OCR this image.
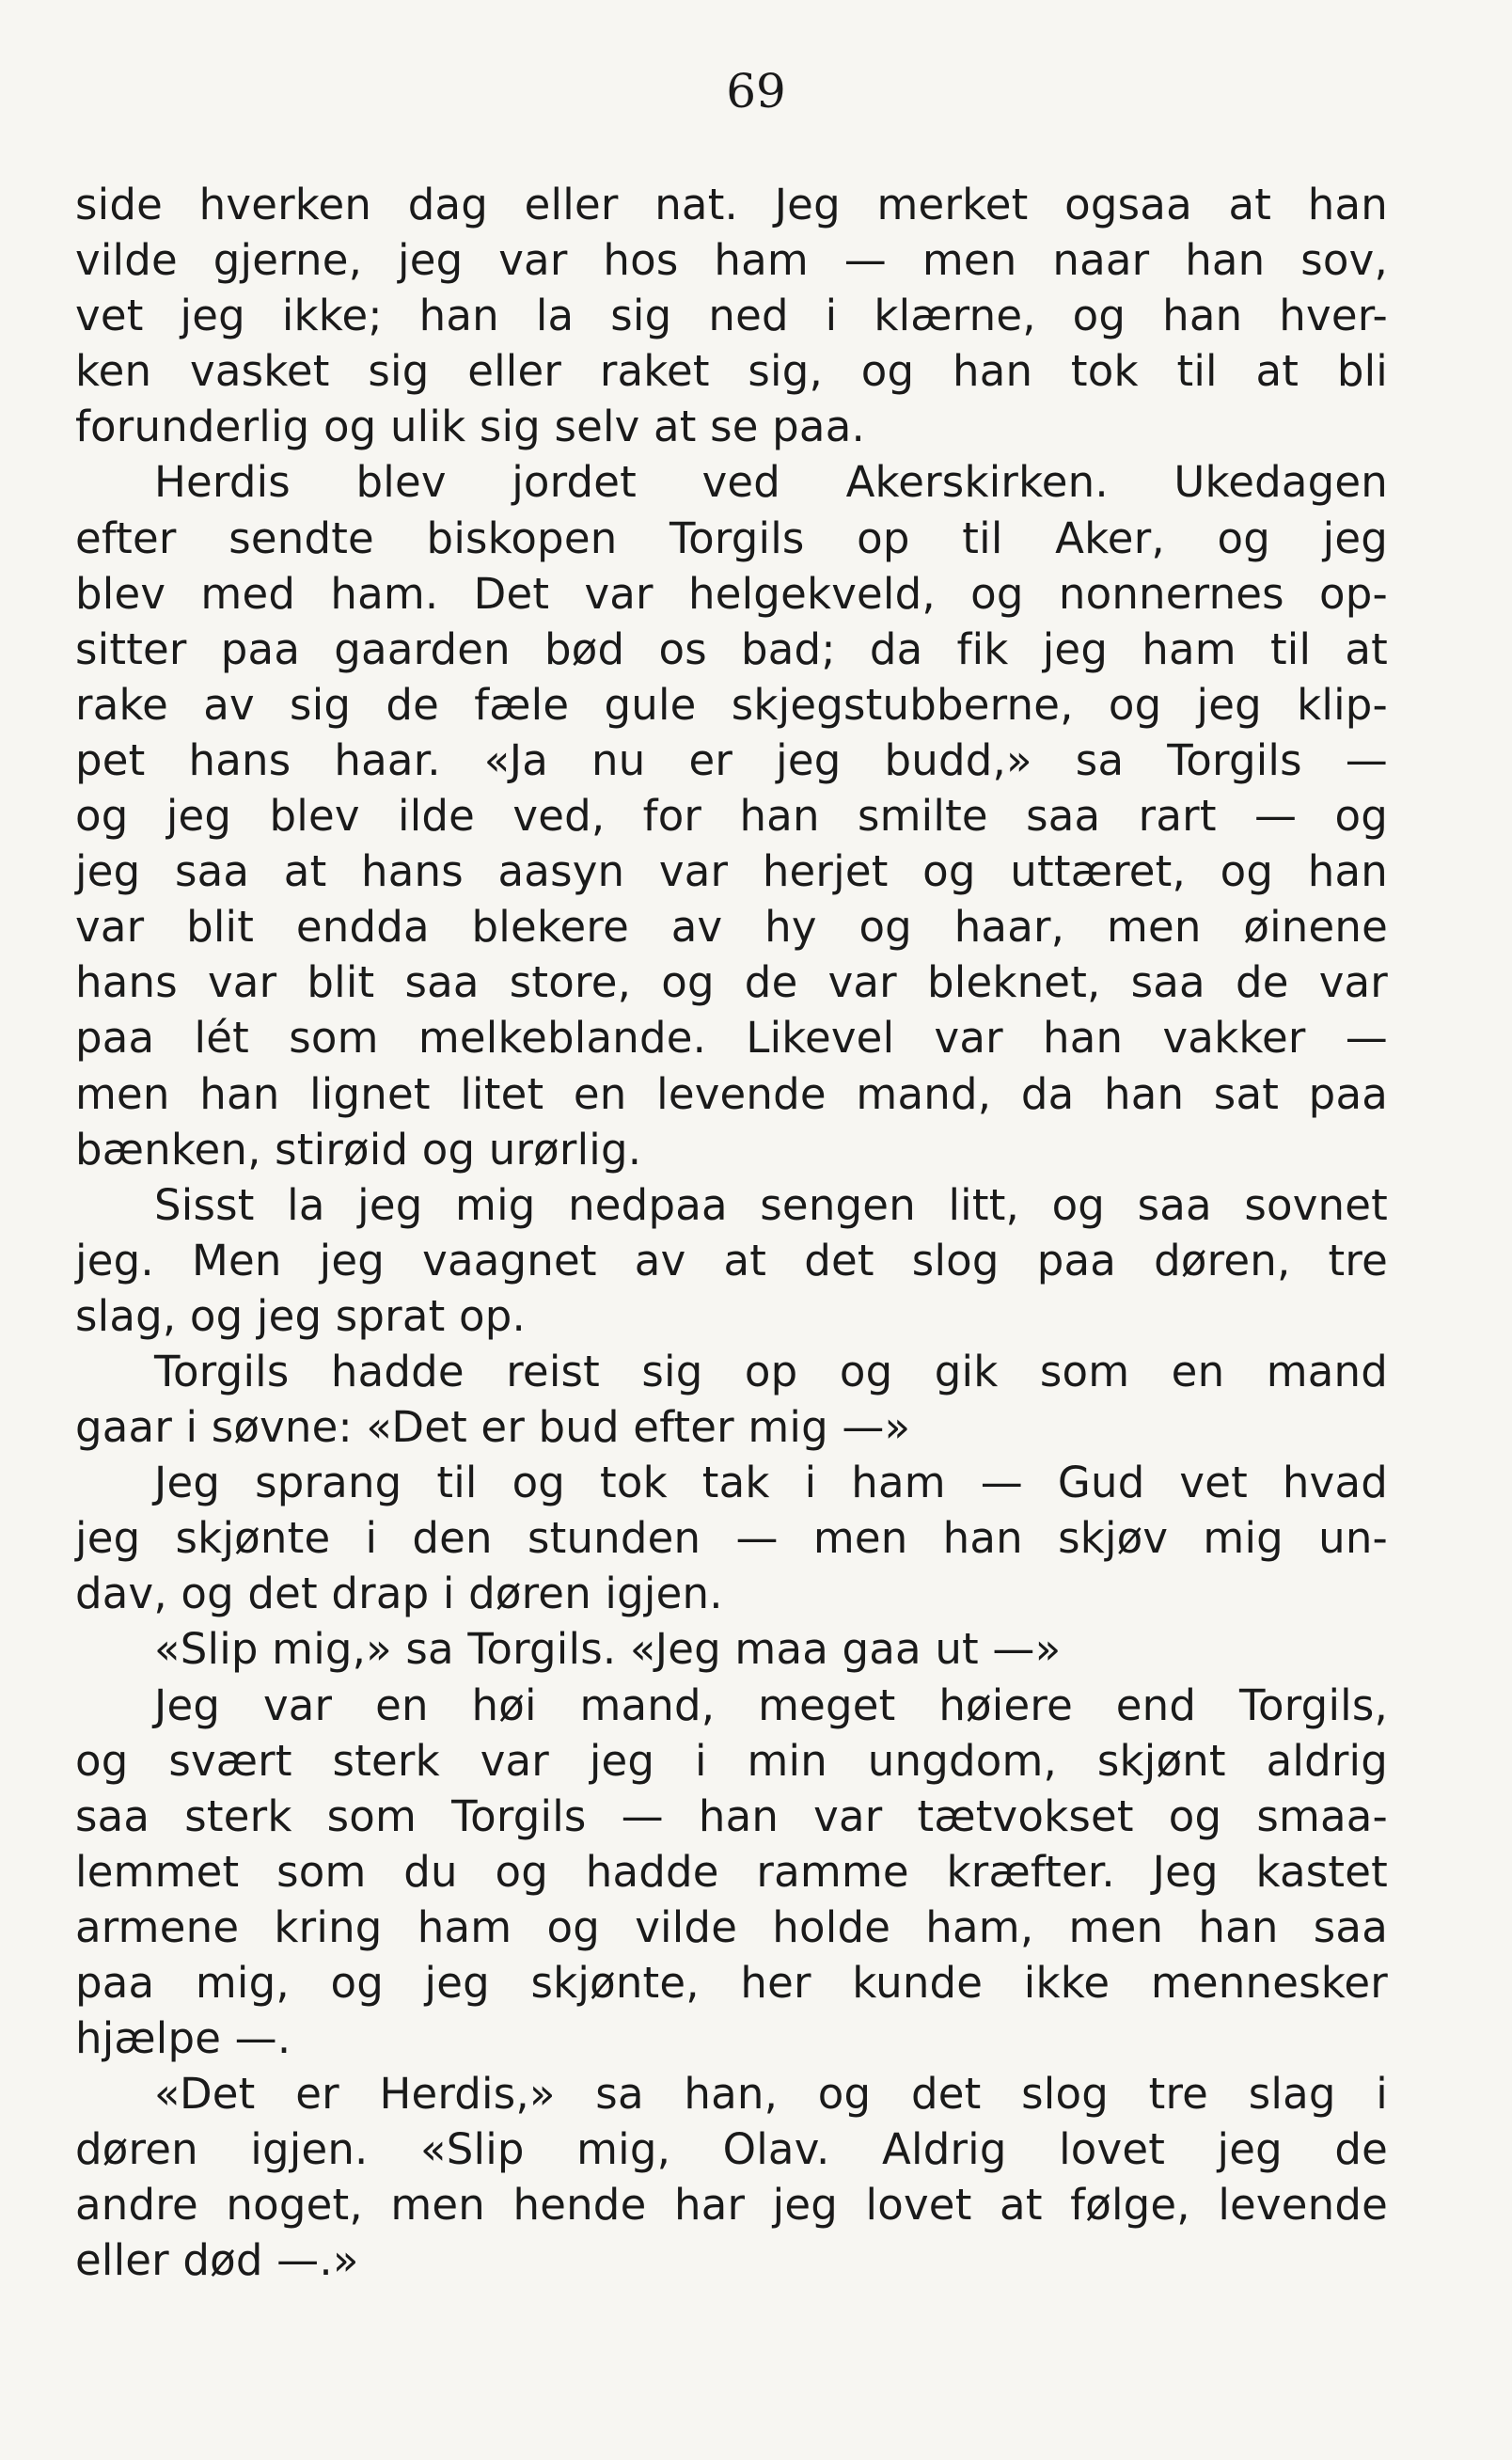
69
side hverken dag eller nat. Jeg merket ogsaa at han
vilde gjerne, jeg var hos ham — men naar han sov,
vet jeg ikke; han la sig ned i klærne, og han hver-
ken vasket sig eller raket sig, og han tok til at bli
forunderlig og ulik sig selv at se paa.
Herdis blev jordet ved Akerskirken. Ukedagen
efter sendte biskopen Torgils op til Aker, og jeg
blev med ham. Det var helgekveld, og nonnernes op-
sitter paa gaarden bød os bad; da fik jeg ham til at
rake av sig de fæle gule skjegstubberne, og jeg klip-
pet hans haar. «Ja nu er jeg budd,» sa Torgils —
og jeg blev ilde ved, for han smilte saa rart — og
jeg saa at hans aasyn var herjet og uttæret, og han
var blit endda blekere av hy og haar, men øinene
hans var blit saa store, og de var bleknet, saa de var
paa lét som melkeblande. Likevel var han vakker —
men han lignet litet en levende mand, da han sat paa
bænken, stirøid og urørlig.
Sisst la jeg mig nedpaa sengen litt, og saa sovnet
jeg. Men jeg vaagnet av at det slog paa døren, tre
slag, og jeg sprat op.
Torgils hadde reist sig op og gik som en mand
gaar i søvne: «Det er bud efter mig —»
Jeg sprang til og tok tak i ham — Gud vet hvad
jeg skjønte i den stunden — men han skjøv mig un-
dav, og det drap i døren igjen.
«Slip mig,» sa Torgils. «Jeg maa gaa ut —»
Jeg var en høi mand, meget høiere end Torgils,
og svært sterk var jeg i min ungdom, skjønt aldrig
saa sterk som Torgils — han var tætvokset og smaa-
lemmet som du og hadde ramme kræfter. Jeg kastet
armene kring ham og vilde holde ham, men han saa
paa mig, og jeg skjønte, her kunde ikke mennesker
hjælpe —.
«Det er Herdis,» sa han, og det slog tre slag i
døren igjen. «Slip mig, Olav. Aldrig lovet jeg de
andre noget, men hende har jeg lovet at følge, levende
eller død —.»
